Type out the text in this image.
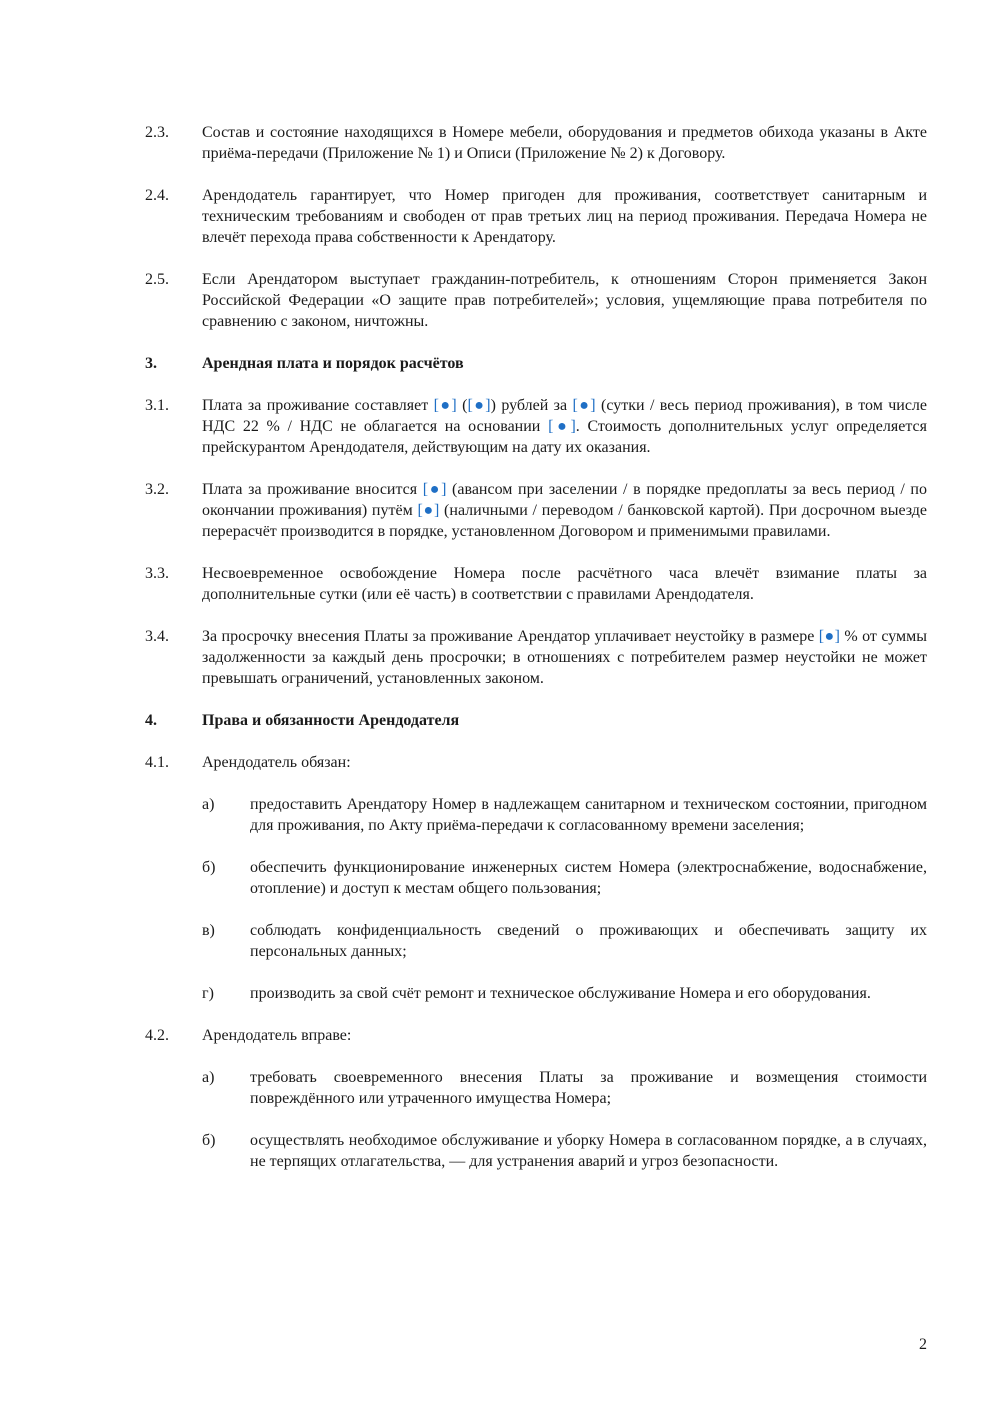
2.3.	Состав и состояние находящихся в Номере мебели, оборудования и предметов обихода указаны в Акте приёма-передачи (Приложение № 1) и Описи (Приложение № 2) к Договору.
2.4.	Арендодатель гарантирует, что Номер пригоден для проживания, соответствует санитарным и техническим требованиям и свободен от прав третьих лиц на период проживания. Передача Номера не влечёт перехода права собственности к Арендатору.
2.5.	Если Арендатором выступает гражданин-потребитель, к отношениям Сторон применяется Закон Российской Федерации «О защите прав потребителей»; условия, ущемляющие права потребителя по сравнению с законом, ничтожны.
3.	Арендная плата и порядок расчётов
3.1.	Плата за проживание составляет [●] ([●]) рублей за [●] (сутки / весь период проживания), в том числе НДС 22 % / НДС не облагается на основании [●]. Стоимость дополнительных услуг определяется прейскурантом Арендодателя, действующим на дату их оказания.
3.2.	Плата за проживание вносится [●] (авансом при заселении / в порядке предоплаты за весь период / по окончании проживания) путём [●] (наличными / переводом / банковской картой). При досрочном выезде перерасчёт производится в порядке, установленном Договором и применимыми правилами.
3.3.	Несвоевременное освобождение Номера после расчётного часа влечёт взимание платы за дополнительные сутки (или её часть) в соответствии с правилами Арендодателя.
3.4.	За просрочку внесения Платы за проживание Арендатор уплачивает неустойку в размере [●] % от суммы задолженности за каждый день просрочки; в отношениях с потребителем размер неустойки не может превышать ограничений, установленных законом.
4.	Права и обязанности Арендодателя
4.1.	Арендодатель обязан:
а)	предоставить Арендатору Номер в надлежащем санитарном и техническом состоянии, пригодном для проживания, по Акту приёма-передачи к согласованному времени заселения;
б)	обеспечить функционирование инженерных систем Номера (электроснабжение, водоснабжение, отопление) и доступ к местам общего пользования;
в)	соблюдать конфиденциальность сведений о проживающих и обеспечивать защиту их персональных данных;
г)	производить за свой счёт ремонт и техническое обслуживание Номера и его оборудования.
4.2.	Арендодатель вправе:
а)	требовать своевременного внесения Платы за проживание и возмещения стоимости повреждённого или утраченного имущества Номера;
б)	осуществлять необходимое обслуживание и уборку Номера в согласованном порядке, а в случаях, не терпящих отлагательства, — для устранения аварий и угроз безопасности.
2
